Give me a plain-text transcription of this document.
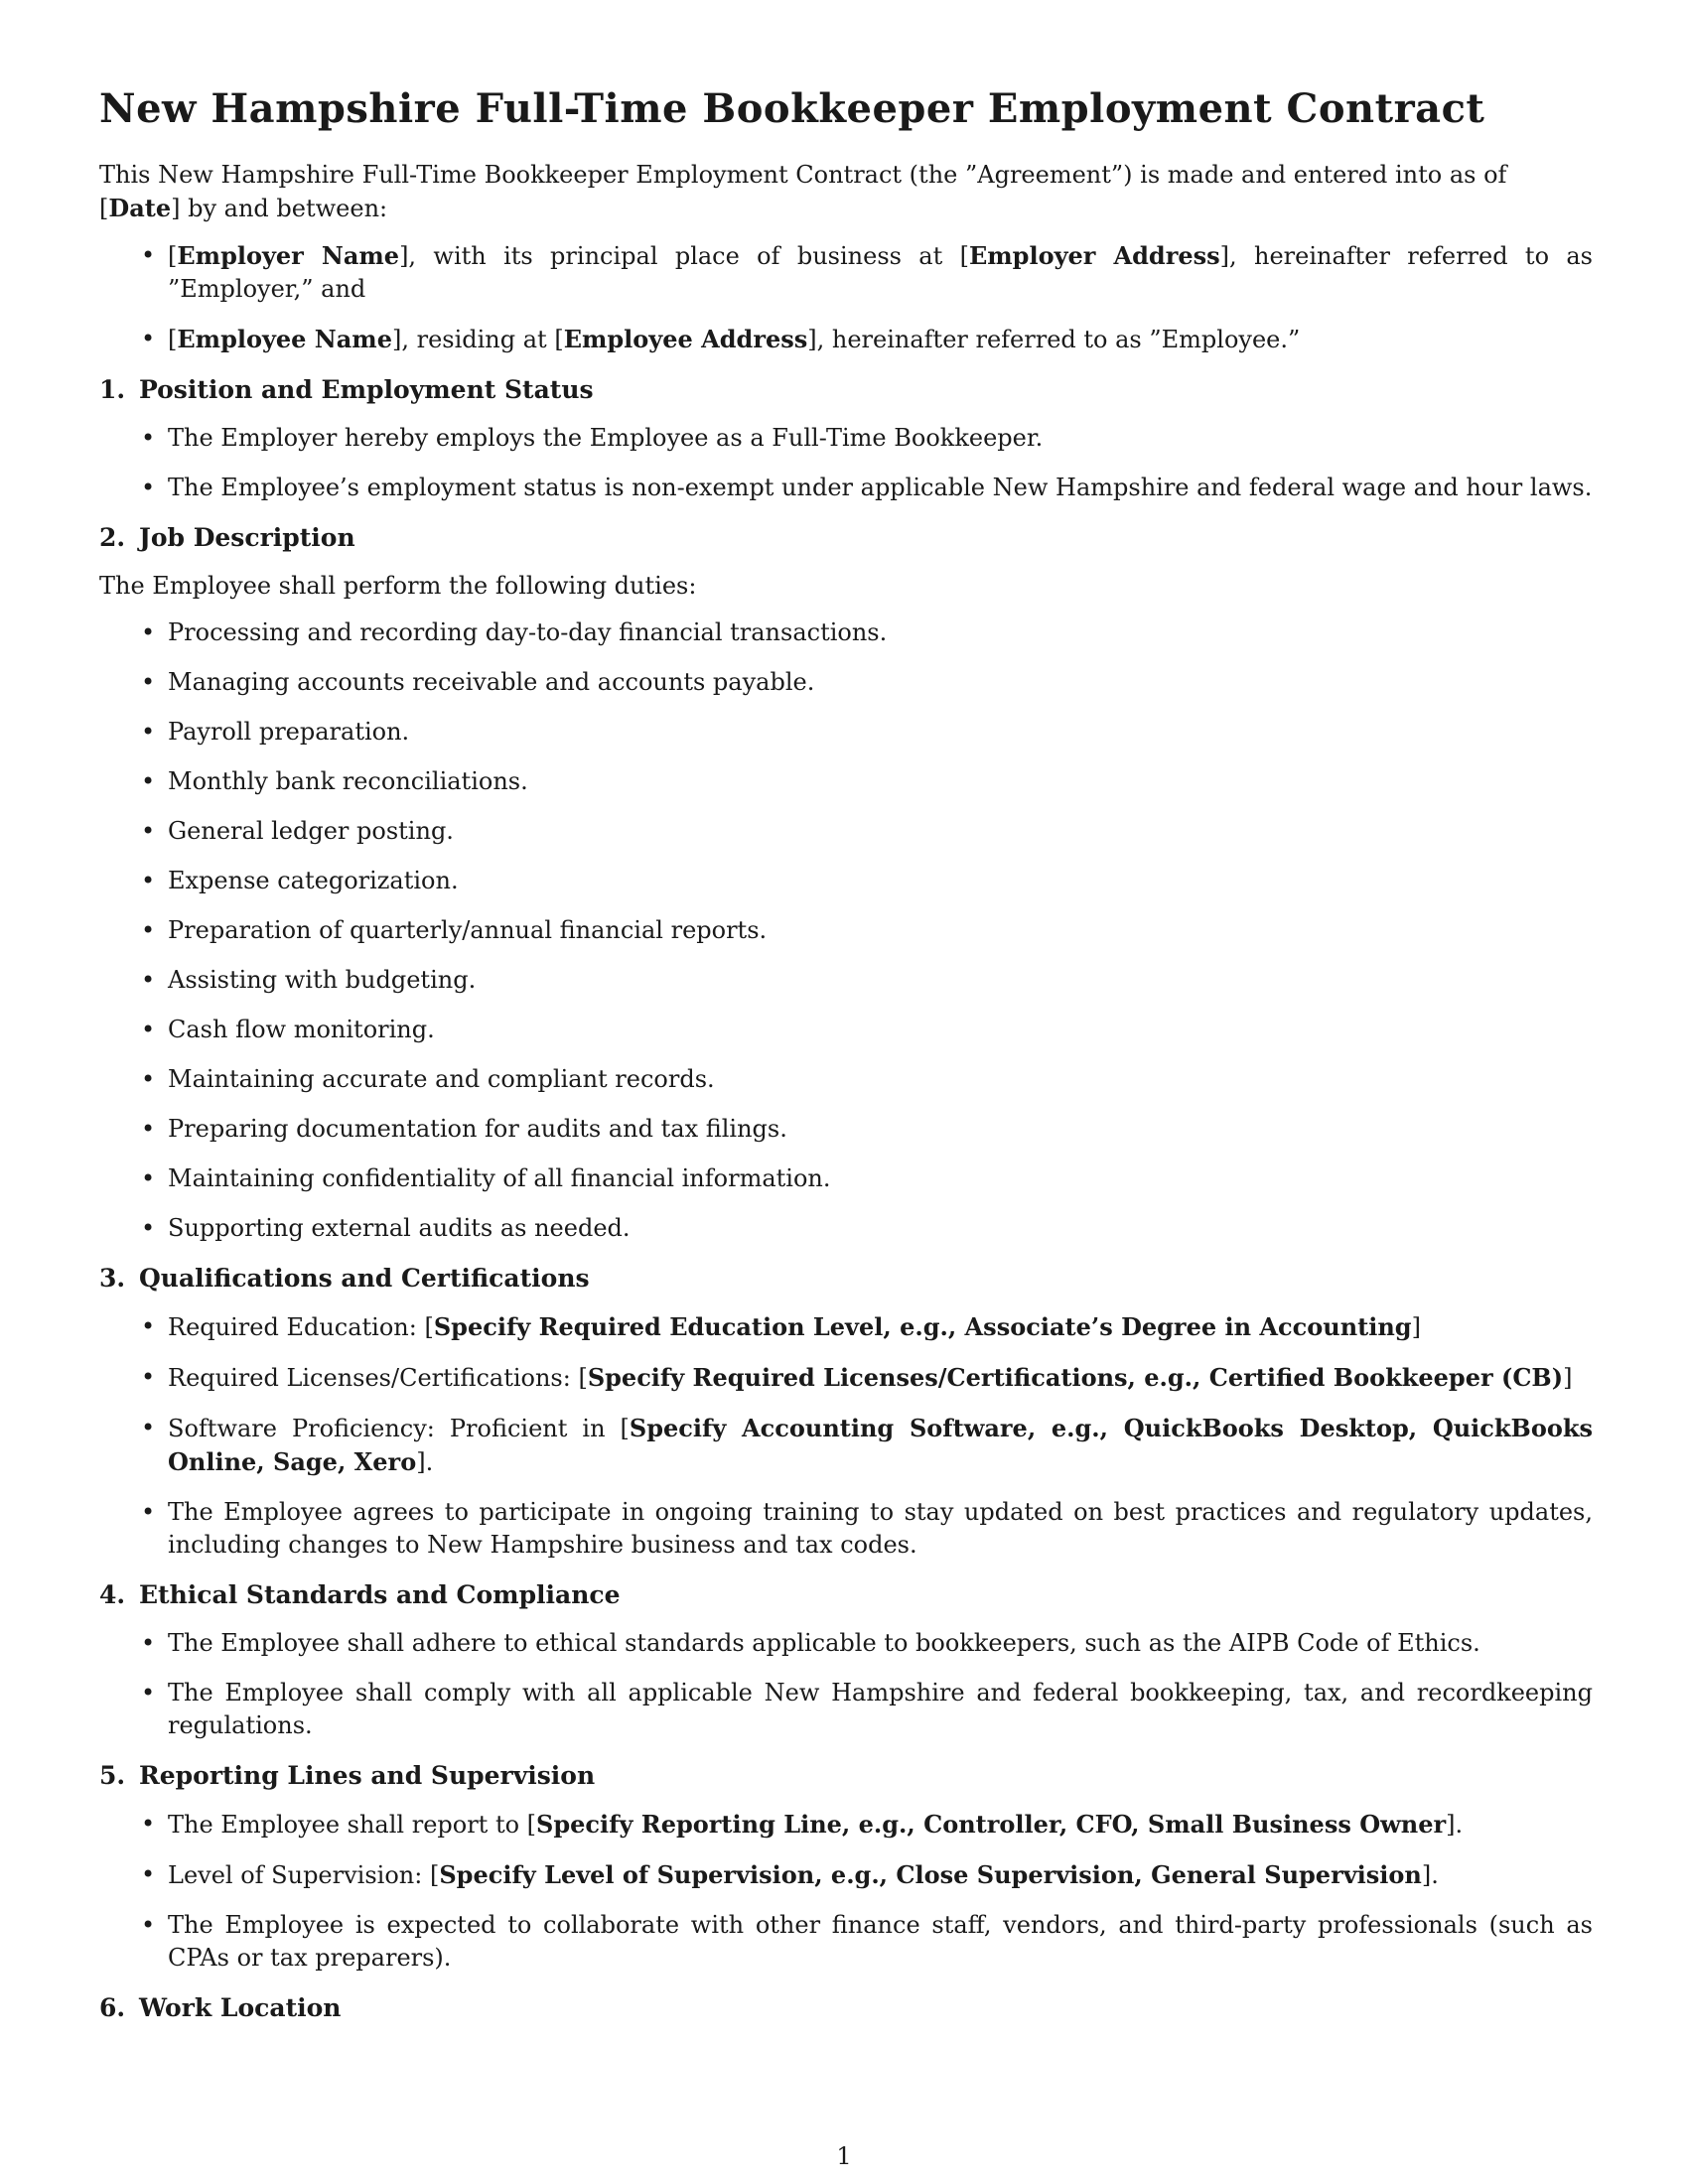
New Hampshire Full-Time Bookkeeper Employment Contract

This New Hampshire Full-Time Bookkeeper Employment Contract (the ”Agreement”) is made and entered into as of [Date] by and between:

• [Employer Name], with its principal place of business at [Employer Address], hereinafter referred to as ”Employer,” and
• [Employee Name], residing at [Employee Address], hereinafter referred to as ”Employee.”
1. Position and Employment Status
• The Employer hereby employs the Employee as a Full-Time Bookkeeper.
• The Employee’s employment status is non-exempt under applicable New Hampshire and federal wage and hour laws.
2. Job Description

The Employee shall perform the following duties:

• Processing and recording day-to-day financial transactions.
• Managing accounts receivable and accounts payable.
• Payroll preparation.
• Monthly bank reconciliations.
• General ledger posting.
• Expense categorization.
• Preparation of quarterly/annual financial reports.
• Assisting with budgeting.
• Cash flow monitoring.
• Maintaining accurate and compliant records.
• Preparing documentation for audits and tax filings.
• Maintaining confidentiality of all financial information.
• Supporting external audits as needed.
3. Qualifications and Certifications
• Required Education: [Specify Required Education Level, e.g., Associate’s Degree in Accounting]
• Required Licenses/Certifications: [Specify Required Licenses/Certifications, e.g., Certified Bookkeeper (CB)]
• Software Proficiency: Proficient in [Specify Accounting Software, e.g., QuickBooks Desktop, QuickBooks Online, Sage, Xero].
• The Employee agrees to participate in ongoing training to stay updated on best practices and regulatory updates, including changes to New Hampshire business and tax codes.
4. Ethical Standards and Compliance
• The Employee shall adhere to ethical standards applicable to bookkeepers, such as the AIPB Code of Ethics.
• The Employee shall comply with all applicable New Hampshire and federal bookkeeping, tax, and recordkeeping regulations.
5. Reporting Lines and Supervision
• The Employee shall report to [Specify Reporting Line, e.g., Controller, CFO, Small Business Owner].
• Level of Supervision: [Specify Level of Supervision, e.g., Close Supervision, General Supervision].
• The Employee is expected to collaborate with other finance staff, vendors, and third-party professionals (such as CPAs or tax preparers).
6. Work Location
1
